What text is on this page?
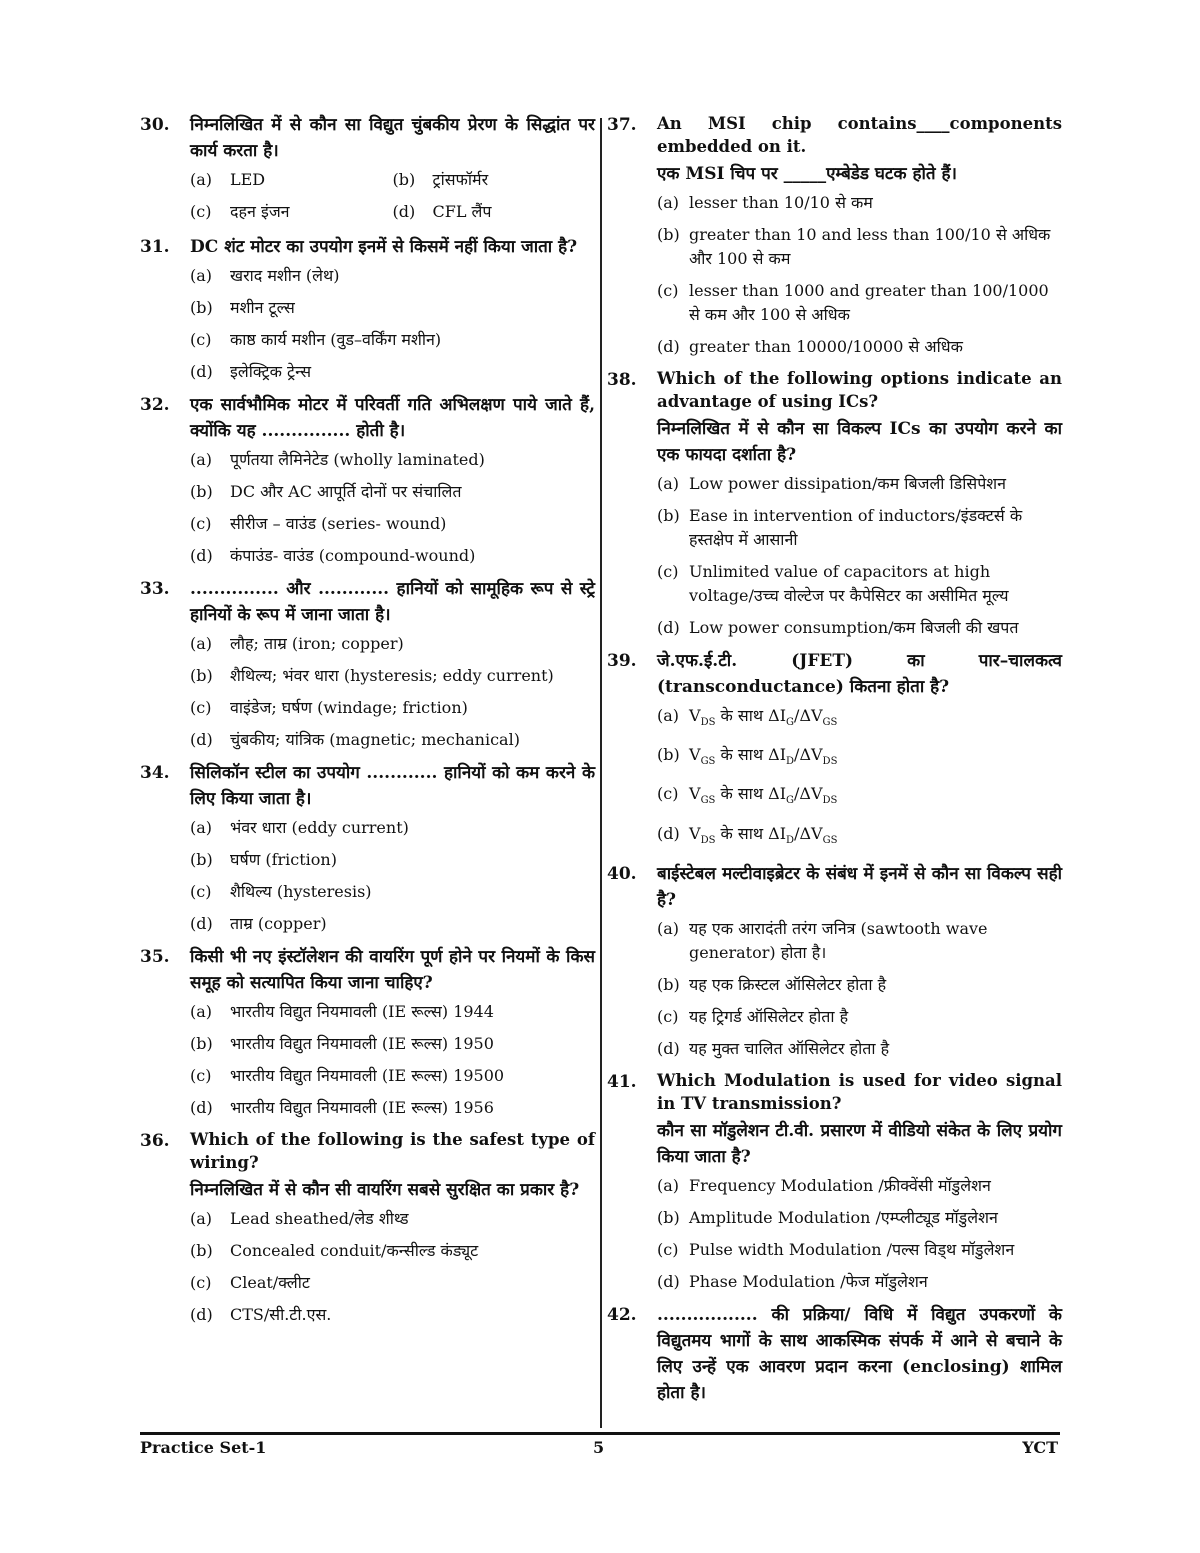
30. निम्नलिखित में से कौन सा विद्युत चुंबकीय प्रेरण के सिद्धांत पर कार्य करता है।
(a)	LED	(b)	ट्रांसफॉर्मर
(c)	दहन इंजन	(d)	CFL लैंप
31. DC शंट मोटर का उपयोग इनमें से किसमें नहीं किया जाता है?
(a)	खराद मशीन (लेथ)
(b)	मशीन टूल्स
(c)	काष्ठ कार्य मशीन (वुड–वर्किंग मशीन)
(d)	इलेक्ट्रिक ट्रेन्स
32. एक सार्वभौमिक मोटर में परिवर्ती गति अभिलक्षण पाये जाते हैं, क्योंकि यह ............... होती है।
(a)	पूर्णतया लैमिनेटेड (wholly laminated)
(b)	DC और AC आपूर्ति दोनों पर संचालित
(c)	सीरीज – वाउंड (series- wound)
(d)	कंपाउंड- वाउंड (compound-wound)
33. ............... और ............ हानियों को सामूहिक रूप से स्ट्रे हानियों के रूप में जाना जाता है।
(a)	लौह; ताम्र (iron; copper)
(b)	शैथिल्य; भंवर धारा (hysteresis; eddy current)
(c)	वाइंडेज; घर्षण (windage; friction)
(d)	चुंबकीय; यांत्रिक (magnetic; mechanical)
34. सिलिकॉन स्टील का उपयोग ............ हानियों को कम करने के लिए किया जाता है।
(a)	भंवर धारा (eddy current)
(b)	घर्षण (friction)
(c)	शैथिल्य (hysteresis)
(d)	ताम्र (copper)
35. किसी भी नए इंस्टॉलेशन की वायरिंग पूर्ण होने पर नियमों के किस समूह को सत्यापित किया जाना चाहिए?
(a)	भारतीय विद्युत नियमावली (IE रूल्स) 1944
(b)	भारतीय विद्युत नियमावली (IE रूल्स) 1950
(c)	भारतीय विद्युत नियमावली (IE रूल्स) 19500
(d)	भारतीय विद्युत नियमावली (IE रूल्स) 1956
36. Which of the following is the safest type of wiring?
निम्नलिखित में से कौन सी वायरिंग सबसे सुरक्षित का प्रकार है?
(a)	Lead sheathed/लेड शीथ्ड
(b)	Concealed conduit/कन्सील्ड कंड्यूट
(c)	Cleat/क्लीट
(d)	CTS/सी.टी.एस.
37. An MSI chip contains____components embedded on it.
एक MSI चिप पर _____एम्बेडेड घटक होते हैं।
(a) lesser than 10/10 से कम
(b) greater than 10 and less than 100/10 से अधिक और 100 से कम
(c) lesser than 1000 and greater than 100/1000 से कम और 100 से अधिक
(d) greater than 10000/10000 से अधिक
38. Which of the following options indicate an advantage of using ICs?
निम्नलिखित में से कौन सा विकल्प ICs का उपयोग करने का एक फायदा दर्शाता है?
(a) Low power dissipation/कम बिजली डिसिपेशन
(b) Ease in intervention of inductors/इंडक्टर्स के हस्तक्षेप में आसानी
(c) Unlimited value of capacitors at high voltage/उच्च वोल्टेज पर कैपेसिटर का असीमित मूल्य
(d) Low power consumption/कम बिजली की खपत
39. जे.एफ.ई.टी. (JFET) का पार–चालकत्व (transconductance) कितना होता है?
(a) $V_{DS}$ के साथ $\Delta I_G/\Delta V_{GS}$
(b) $V_{GS}$ के साथ $\Delta I_D/\Delta V_{DS}$
(c) $V_{GS}$ के साथ $\Delta I_G/\Delta V_{DS}$
(d) $V_{DS}$ के साथ $\Delta I_D/\Delta V_{GS}$
40. बाईस्टेबल मल्टीवाइब्रेटर के संबंध में इनमें से कौन सा विकल्प सही है?
(a) यह एक आरादंती तरंग जनित्र (sawtooth wave generator) होता है।
(b) यह एक क्रिस्टल ऑसिलेटर होता है
(c) यह ट्रिगर्ड ऑसिलेटर होता है
(d) यह मुक्त चालित ऑसिलेटर होता है
41. Which Modulation is used for video signal in TV transmission?
कौन सा मॉडुलेशन टी.वी. प्रसारण में वीडियो संकेत के लिए प्रयोग किया जाता है?
(a) Frequency Modulation /फ्रीक्वेंसी मॉडुलेशन
(b) Amplitude Modulation /एम्प्लीट्यूड मॉडुलेशन
(c) Pulse width Modulation /पल्स विड्थ मॉडुलेशन
(d) Phase Modulation /फेज मॉडुलेशन
42. ................. की प्रक्रिया/ विधि में विद्युत उपकरणों के विद्युतमय भागों के साथ आकस्मिक संपर्क में आने से बचाने के लिए उन्हें एक आवरण प्रदान करना (enclosing) शामिल होता है।
Practice Set-1	5	YCT
